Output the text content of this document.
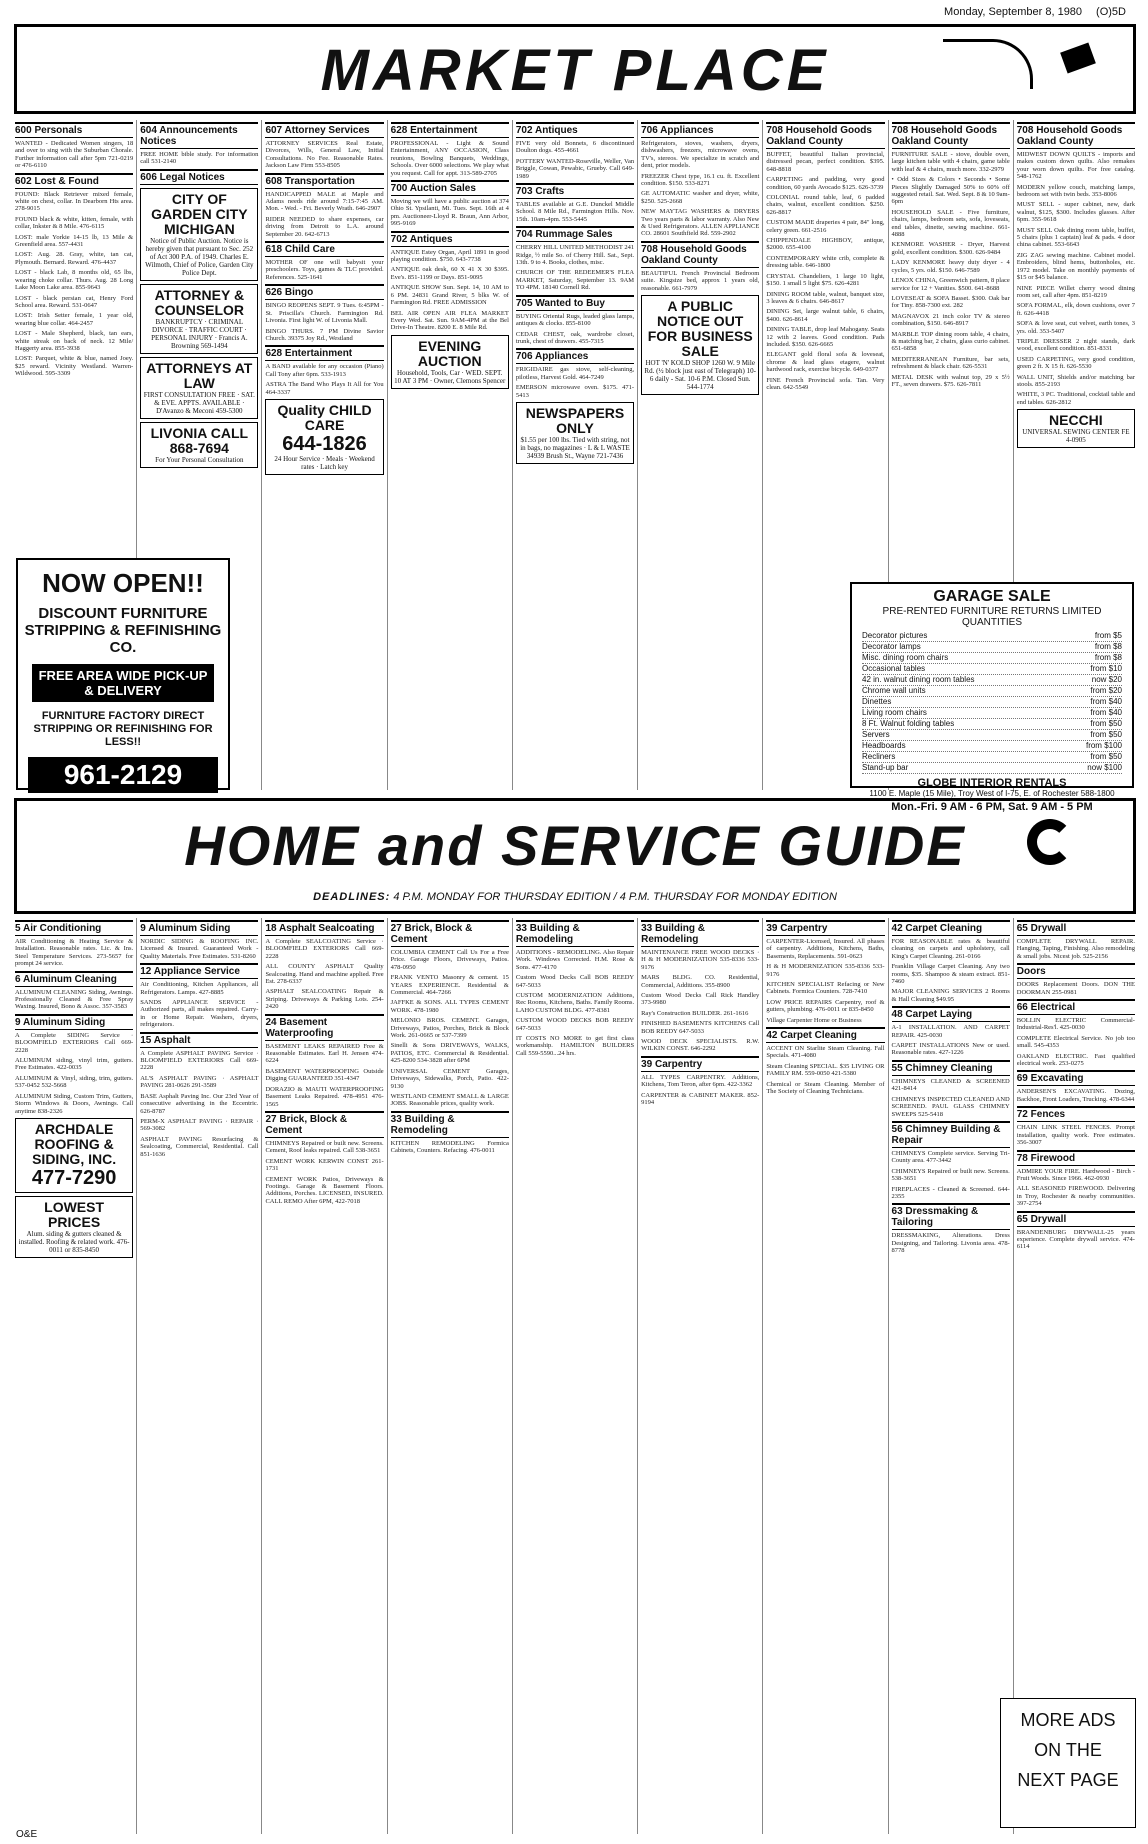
Monday, September 8, 1980 (O)5D
MARKET PLACE
600 Personals
WANTED - Dedicated Women singers, 18 and over to sing with the Suburban Chorale. Further information call after 5pm 721-0219 or 476-6110
602 Lost & Found
FOUND: Black Retriever mixed female, white on chest, collar. In Dearborn Hts area. 278-9015
FOUND black & white, kitten, female, with collar, Inkster & 8 Mile. 476-6115
LOST: male Yorkie 14-15 lb, 13 Mile & Greenfield area. 557-4431
LOST: Aug. 28. Gray, white, tan cat, Plymouth. Bernard. Reward. 476-4437
LOST - black Lab, 8 months old, 65 lbs, wearing choke collar. Thurs. Aug. 28 Long Lake Moon Lake area. 855-9643
LOST - black persian cat, Henry Ford School area. Reward. 531-0647
LOST: Irish Setter female, 1 year old, wearing blue collar. 464-2457
LOST - Male Shepherd, black, tan ears, white streak on back of neck. 12 Mile/ Haggerty area. 855-3938
LOST: Parquet, white & blue, named Joey. $25 reward. Vicinity Westland. Warren-Wildwood. 595-3309
604 Announcements Notices
FREE HOME bible study. For information call 531-2140
606 Legal Notices
CITY OF GARDEN CITY MICHIGAN
Notice of Public Auction. Notice is hereby given that pursuant to Sec. 252 of Act 300 P.A. of 1949. Charles E. Wilmoth, Chief of Police, Garden City Police Dept.
ATTORNEY & COUNSELOR
BANKRUPTCY · CRIMINAL DIVORCE · TRAFFIC COURT · PERSONAL INJURY · Francis A. Browning 569-1494
ATTORNEYS AT LAW
FIRST CONSULTATION FREE · SAT. & EVE. APPTS. AVAILABLE · D'Avanzo & Meconi 459-5300
LIVONIA CALL 868-7694
For Your Personal Consultation
607 Attorney Services
ATTORNEY SERVICES Real Estate, Divorces, Wills, General Law, Initial Consultations. No Fee. Reasonable Rates. Jackson Law Firm 553-8505
608 Transportation
HANDICAPPED MALE at Maple and Adams needs ride around 7:15-7:45 AM. Mon. - Wed. - Fri. Beverly Wrath. 646-2907
RIDER NEEDED to share expenses, car driving from Detroit to L.A. around September 20. 642-6713
618 Child Care
MOTHER OF one will babysit your preschoolers. Toys, games & TLC provided. References. 525-1641
626 Bingo
BINGO REOPENS SEPT. 9 Tues. 6:45PM - St. Priscilla's Church. Farmington Rd. Livonia. First light W. of Livonia Mall.
BINGO THURS. 7 PM Divine Savior Church. 39375 Joy Rd., Westland
628 Entertainment
A BAND available for any occasion (Piano) Call Tony after 6pm. 533-1913
ASTRA The Band Who Plays It All for You 464-3337
Quality CHILD CARE
644-1826
24 Hour Service · Meals · Weekend rates · Latch key
628 Entertainment
PROFESSIONAL - Light & Sound Entertainment, ANY OCCASION, Class reunions, Bowling Banquets, Weddings, Schools. Over 6000 selections. We play what you request. Call for appt. 313-589-2705
700 Auction Sales
Moving we will have a public auction at 374 Ohio St. Ypsilanti, Mi. Tues. Sept. 16th at 4 pm. Auctioneer-Lloyd R. Braun, Ann Arbor, 995-9169
702 Antiques
ANTIQUE Estey Organ, April 1891 in good playing condition. $750. 643-7738
ANTIQUE oak desk, 60 X 41 X 30 $395. Eve's. 851-1199 or Days. 851-9095
ANTIQUE SHOW Sun. Sept. 14, 10 AM to 6 PM. 24831 Grand River, 5 blks W. of Farmington Rd. FREE ADMISSION
BEL AIR OPEN AIR FLEA MARKET Every Wed. Sat. Sun. 9AM-4PM at the Bel Drive-In Theatre. 8200 E. 8 Mile Rd.
EVENING AUCTION
Household, Tools, Car · WED. SEPT. 10 AT 3 PM · Owner, Clemons Spencer
702 Antiques
FIVE very old Bonnets, 6 discontinued Doulton dogs. 455-4661
POTTERY WANTED-Roseville, Weller, Van Briggle, Cowan, Pewabic, Grueby. Call 649-1989
703 Crafts
TABLES available at G.E. Dunckel Middle School. 8 Mile Rd., Farmington Hills. Nov. 15th. 10am-4pm. 553-5445
704 Rummage Sales
CHERRY HILL UNITED METHODIST 241 Ridge, ½ mile So. of Cherry Hill. Sat., Sept. 13th. 9 to 4. Books, clothes, misc.
CHURCH OF THE REDEEMER'S FLEA MARKET, Saturday, September 13. 9AM TO 4PM. 18140 Cornell Rd.
705 Wanted to Buy
BUYING Oriental Rugs, leaded glass lamps, antiques & clocks. 855-8100
CEDAR CHEST, oak, wardrobe closet, trunk, chest of drawers. 455-7315
706 Appliances
FRIGIDAIRE gas stove, self-cleaning, pilotless, Harvest Gold. 464-7249
EMERSON microwave oven. $175. 471-5413
NEWSPAPERS ONLY
$1.55 per 100 lbs. Tied with string, not in bags, no magazines · L & L WASTE 34939 Brush St., Wayne 721-7436
706 Appliances
Refrigerators, stoves, washers, dryers, dishwashers, freezers, microwave ovens, TV's, stereos. We specialize in scratch and dent, prior models.
FREEZER Chest type, 16.1 cu. ft. Excellent condition. $150. 533-8271
GE AUTOMATIC washer and dryer, white, $250. 525-2668
NEW MAYTAG WASHERS & DRYERS Two years parts & labor warranty. Also New & Used Refrigerators. ALLEN APPLIANCE CO. 28601 Southfield Rd. 559-2902
708 Household Goods Oakland County
BEAUTIFUL French Provincial Bedroom suite. Kingsize bed, approx 1 years old, reasonable. 661-7979
A PUBLIC NOTICE OUT FOR BUSINESS SALE
HOT 'N' KOLD SHOP 1260 W. 9 Mile Rd. (½ block just east of Telegraph) 10-6 daily - Sat. 10-6 P.M. Closed Sun. 544-1774
708 Household Goods Oakland County
BUFFET, beautiful Italian provincial, distressed pecan, perfect condition. $395. 648-8818
CARPETING and padding, very good condition, 60 yards Avocado $125. 626-3739
COLONIAL round table, leaf, 6 padded chairs, walnut, excellent condition. $250. 626-8817
CUSTOM MADE draperies 4 pair, 84" long, celery green. 661-2516
CHIPPENDALE HIGHBOY, antique, $2000. 655-4100
CONTEMPORARY white crib, complete & dressing table. 646-1800
CRYSTAL Chandeliers, 1 large 10 light, $150. 1 small 5 light $75. 626-4281
DINING ROOM table, walnut, banquet size, 3 leaves & 6 chairs. 646-8617
DINING Set, large walnut table, 6 chairs, $400. 626-8614
DINING TABLE, drop leaf Mahogany. Seats 12 with 2 leaves. Good condition. Pads included. $350. 626-6665
ELEGANT gold floral sofa & loveseat, chrome & lead glass etagere, walnut hardwood rack, exercise bicycle. 649-0377
FINE French Provincial sofa. Tan. Very clean. 642-5549
708 Household Goods Oakland County
FURNITURE SALE - stove, double oven, large kitchen table with 4 chairs, game table with leaf & 4 chairs, much more. 332-2979
• Odd Sizes & Colors • Seconds • Some Pieces Slightly Damaged 50% to 60% off suggested retail. Sat. Wed. Sept. 8 & 10 9am-6pm
HOUSEHOLD SALE - Five furniture, chairs, lamps, bedroom sets, sofa, loveseats, end tables, dinette, sewing machine. 661-4888
KENMORE WASHER - Dryer, Harvest gold, excellent condition. $300. 626-9484
LADY KENMORE heavy duty dryer - 4 cycles, 5 yrs. old. $150. 646-7589
LENOX CHINA, Greenwich pattern, 8 place service for 12 + Vanities. $500. 641-8688
LOVESEAT & SOFA Basset. $300. Oak bar for Tiny. 858-7300 ext. 282
MAGNAVOX 21 inch color TV & stereo combination, $150. 646-8917
MARBLE TOP dining room table, 4 chairs, & matching bar, 2 chairs, glass curio cabinet. 651-6858
MEDITERRANEAN Furniture, bar sets, refreshment & black chair. 626-5531
METAL DESK with walnut top, 29 x 5½ FT., seven drawers. $75. 626-7811
708 Household Goods Oakland County
MIDWEST DOWN QUILTS - imports and makes custom down quilts. Also remakes your worn down quilts. For free catalog. 548-1762
MODERN yellow couch, matching lamps, bedroom set with twin beds. 353-8006
MUST SELL - super cabinet, new, dark walnut, $125, $300. Includes glasses. After 6pm. 355-9618
MUST SELL Oak dining room table, buffet, 5 chairs (plus 1 captain) leaf & pads. 4 door china cabinet. 553-6643
ZIG ZAG sewing machine. Cabinet model. Embroiders, blind hems, buttonholes, etc. 1972 model. Take on monthly payments of $15 or $45 balance.
NINE PIECE Willet cherry wood dining room set, call after 4pm. 851-8219
SOFA FORMAL, elk, down cushions, over 7 ft. 626-4418
SOFA & love seat, cut velvet, earth tones, 3 yrs. old. 353-5407
TRIPLE DRESSER 2 night stands, dark wood, excellent condition. 851-8331
USED CARPETING, very good condition, green 2 ft. X 15 ft. 626-5530
WALL UNIT, Shields and/or matching bar stools. 855-2193
WHITE, 3 PC. Traditional, cocktail table and end tables. 626-2812
NECCHI
UNIVERSAL SEWING CENTER FE 4-0905
NOW OPEN!!
DISCOUNT FURNITURE STRIPPING & REFINISHING CO.
FREE AREA WIDE PICK-UP & DELIVERY
FURNITURE FACTORY DIRECT STRIPPING OR REFINISHING FOR LESS!!
961-2129
GARAGE SALE
PRE-RENTED FURNITURE RETURNS LIMITED QUANTITIES
Decorator pictures	from $5
Decorator lamps	from $8
Misc. dining room chairs	from $8
Occasional tables	from $10
42 in. walnut dining room tables	now $20
Chrome wall units	from $20
Dinettes	from $40
Living room chairs	from $40
8 Ft. Walnut folding tables	from $50
Servers	from $50
Headboards	from $100
Recliners	from $50
Stand-up bar	now $100
GLOBE INTERIOR RENTALS
1100 E. Maple (15 Mile), Troy West of I-75, E. of Rochester 588-1800
Mon.-Fri. 9 AM - 6 PM, Sat. 9 AM - 5 PM
HOME and SERVICE GUIDE
DEADLINES: 4 P.M. MONDAY FOR THURSDAY EDITION / 4 P.M. THURSDAY FOR MONDAY EDITION
5 Air Conditioning
AIR Conditioning & Heating Service & Installation. Reasonable rates. Lic. & Ins. Steel Temperature Services. 273-5657 for prompt 24 service.
6 Aluminum Cleaning
ALUMINUM CLEANING Siding, Awnings. Professionally Cleaned & Free Spray Waxing. Insured, Bono & Assoc. 357-3583
9 Aluminum Siding
A Complete SIDING Service · BLOOMFIELD EXTERIORS Call 669-2228
ALUMINUM siding, vinyl trim, gutters. Free Estimates. 422-0035
ALUMINUM & Vinyl, siding, trim, gutters. 537-0452 532-5668
ALUMINUM Siding, Custom Trim, Gutters, Storm Windows & Doors, Awnings. Call anytime 838-2326
ARCHDALE ROOFING & SIDING, INC.
477-7290
LOWEST PRICES
Alum. siding & gutters cleaned & installed. Roofing & related work. 476-0011 or 835-8450
9 Aluminum Siding
NORDIC SIDING & ROOFING INC. Licensed & Insured. Guaranteed Work - Quality Materials. Free Estimates. 531-8260
12 Appliance Service
Air Conditioning, Kitchen Appliances, all Refrigerators. Lamps. 427-8885
SANDS APPLIANCE SERVICE - Authorized parts, all makes repaired. Carry-in or Home Repair. Washers, dryers, refrigerators.
15 Asphalt
A Complete ASPHALT PAVING Service · BLOOMFIELD EXTERIORS Call 669-2228
AL'S ASPHALT PAVING · ASPHALT PAVING 281-0626 291-3589
BASE Asphalt Paving Inc. Our 23rd Year of consecutive advertising in the Eccentric. 626-8787
PERM-X ASPHALT PAVING · REPAIR · 569-3082
ASPHALT PAVING Resurfacing & Sealcoating, Commercial, Residential. Call 851-1636
18 Asphalt Sealcoating
A Complete SEALCOATING Service · BLOOMFIELD EXTERIORS Call 669-2228
ALL COUNTY ASPHALT Quality Sealcoating. Hand and machine applied. Free Est. 278-6337
ASPHALT SEALCOATING Repair & Striping. Driveways & Parking Lots. 254-2420
24 Basement Waterproofing
BASEMENT LEAKS REPAIRED Free & Reasonable Estimates. Earl H. Jensen 474-6224
BASEMENT WATERPROOFING Outside Digging GUARANTEED 351-4347
DORAZIO & MAUTI WATERPROOFING Basement Leaks Repaired. 478-4951 476-1565
27 Brick, Block & Cement
CHIMNEYS Repaired or built new. Screens. Cement, Roof leaks repaired. Call 538-3651
CEMENT WORK KERWIN CONST 261-1731
CEMENT WORK Patios, Driveways & Footings. Garage & Basement Floors. Additions, Porches. LICENSED, INSURED. CALL REMO After 6PM, 422-7018
27 Brick, Block & Cement
COLUMBIA CEMENT Call Us For a Free Price. Garage Floors, Driveways, Patios. 478-0950
FRANK VENTO Masonry & cement. 15 YEARS EXPERIENCE. Residential & Commercial. 464-7266
JAFFKE & SONS. ALL TYPES CEMENT WORK. 478-1980
MELONIO BROS. CEMENT. Garages, Driveways, Patios, Porches, Brick & Block Work. 261-0665 or 537-7399
Sinelli & Sons DRIVEWAYS, WALKS, PATIOS, ETC. Commercial & Residential. 425-8200 534-3828 after 6PM
UNIVERSAL CEMENT Garages, Driveways, Sidewalks, Porch, Patio. 422-9130
WESTLAND CEMENT SMALL & LARGE JOBS. Reasonable prices, quality work.
33 Building & Remodeling
KITCHEN REMODELING Formica Cabinets, Counters. Refacing. 476-0011
33 Building & Remodeling
ADDITIONS - REMODELING. Also Repair Work. Windows Corrected. H.M. Rose & Sons. 477-4170
Custom Wood Decks Call BOB REEDY 647-5033
CUSTOM MODERNIZATION Additions, Rec Rooms, Kitchens, Baths. Family Rooms. LAHO CUSTOM BLDG. 477-8381
CUSTOM WOOD DECKS BOB REEDY 647-5033
IT COSTS NO MORE to get first class workmanship. HAMILTON BUILDERS Call 559-5590...24 hrs.
33 Building & Remodeling
MAINTENANCE FREE WOOD DECKS · H & H MODERNIZATION 535-8336 533-9176
MARS BLDG. CO. Residential, Commercial, Additions. 355-8900
Custom Wood Decks Call Rick Handley 373-9980
Ray's Construction BUILDER. 261-1616
FINISHED BASEMENTS KITCHENS Call BOB REEDY 647-5033
WOOD DECK SPECIALISTS. R.W. WILKIN CONST. 646-2292
39 Carpentry
ALL TYPES CARPENTRY. Additions, Kitchens, Tom Teron, after 6pm. 422-3362
CARPENTER & CABINET MAKER. 852-9194
39 Carpentry
CARPENTER-Licensed, Insured. All phases of carpentry. Additions, Kitchens, Baths, Basements, Replacements. 591-0623
H & H MODERNIZATION 535-8336 533-9176
KITCHEN SPECIALIST Refacing or New Cabinets. Formica Counters. 728-7410
LOW PRICE REPAIRS Carpentry, roof & gutters, plumbing. 476-0011 or 835-8450
Village Carpenter Home or Business
42 Carpet Cleaning
ACCENT ON Starlite Steam Cleaning. Fall Specials. 471-4080
Steam Cleaning SPECIAL. $35 LIVING OR FAMILY RM. 559-0050 421-5380
Chemical or Steam Cleaning. Member of The Society of Cleaning Technicians.
42 Carpet Cleaning
FOR REASONABLE rates & beautiful cleaning on carpets and upholstery, call King's Carpet Cleaning. 261-0166
Franklin Village Carpet Cleaning. Any two rooms, $35. Shampoo & steam extract. 851-7460
MAJOR CLEANING SERVICES 2 Rooms & Hall Cleaning $49.95
48 Carpet Laying
A-1 INSTALLATION. AND CARPET REPAIR. 425-0030
CARPET INSTALLATIONS New or used. Reasonable rates. 427-1226
55 Chimney Cleaning
CHIMNEYS CLEANED & SCREENED 421-8414
CHIMNEYS INSPECTED CLEANED AND SCREENED. PAUL GLASS CHIMNEY SWEEPS 525-5418
56 Chimney Building & Repair
CHIMNEYS Complete service. Serving Tri-County area. 477-3442
CHIMNEYS Repaired or built new. Screens. 538-3651
FIREPLACES - Cleaned & Screened. 644-2355
63 Dressmaking & Tailoring
DRESSMAKING, Alterations. Dress Designing, and Tailoring. Livonia area. 478-8778
65 Drywall
COMPLETE DRYWALL REPAIR. Hanging, Taping, Finishing. Also remodeling & small jobs. Nicest job. 525-2156
Doors
DOORS Replacement Doors. DON THE DOORMAN 255-0981
66 Electrical
BOLLIN ELECTRIC Commercial-Industrial-Res'l. 425-0030
COMPLETE Electrical Service. No job too small. 545-4353
OAKLAND ELECTRIC. Fast qualified electrical work. 253-0275
69 Excavating
ANDERSEN'S EXCAVATING. Dozing, Backhoe, Front Loaders, Trucking. 478-6344
72 Fences
CHAIN LINK STEEL FENCES. Prompt installation, quality work. Free estimates. 356-3007
78 Firewood
ADMIRE YOUR FIRE. Hardwood - Birch - Fruit Woods. Since 1966. 462-0930
ALL SEASONED FIREWOOD. Delivering in Troy, Rochester & nearby communities. 397-2754
65 Drywall
BRANDENBURG DRYWALL-25 years experience. Complete drywall service. 474-6114
MORE ADS
ON THE
NEXT PAGE
O&E
